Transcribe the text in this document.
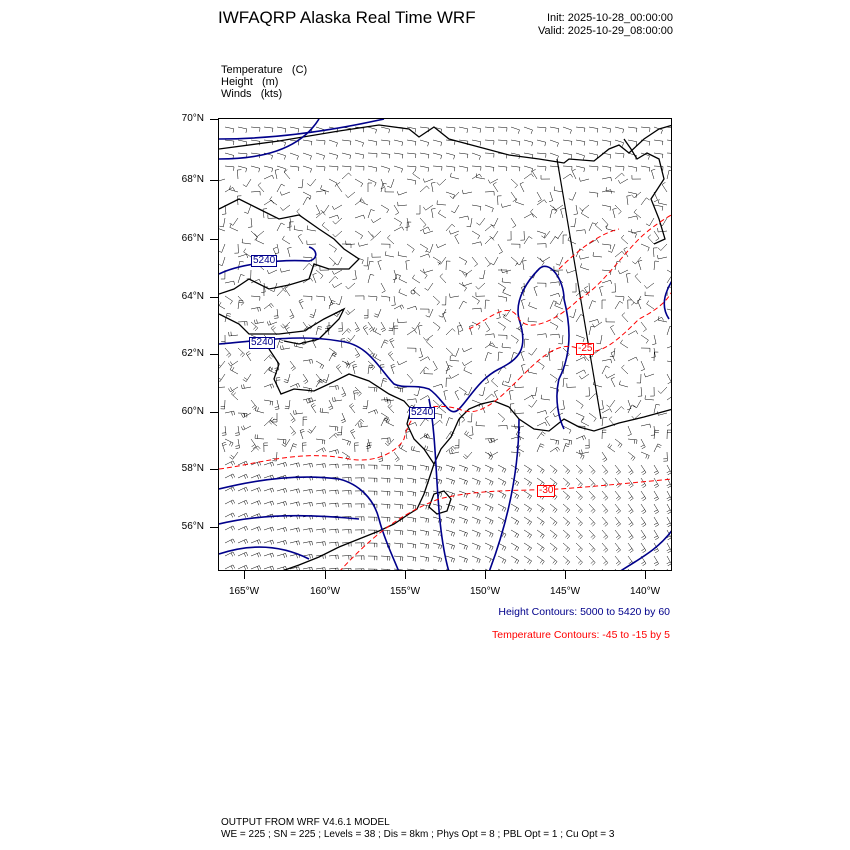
IWFAQRP Alaska Real Time WRF	Init: 2025-10-28_00:00:00
Valid: 2025-10-29_08:00:00
Temperature   (C)
Height   (m)
Winds   (kts)
70°N
68°N
66°N
64°N
62°N
60°N
58°N
56°N
165°W	160°W	155°W	150°W	145°W	140°W
5240
5240
5240
-25
-30
Height Contours: 5000 to 5420 by 60
Temperature Contours: -45 to -15 by 5
OUTPUT FROM WRF V4.6.1 MODEL
WE = 225 ; SN = 225 ; Levels = 38 ; Dis = 8km ; Phys Opt = 8 ; PBL Opt = 1 ; Cu Opt = 3
